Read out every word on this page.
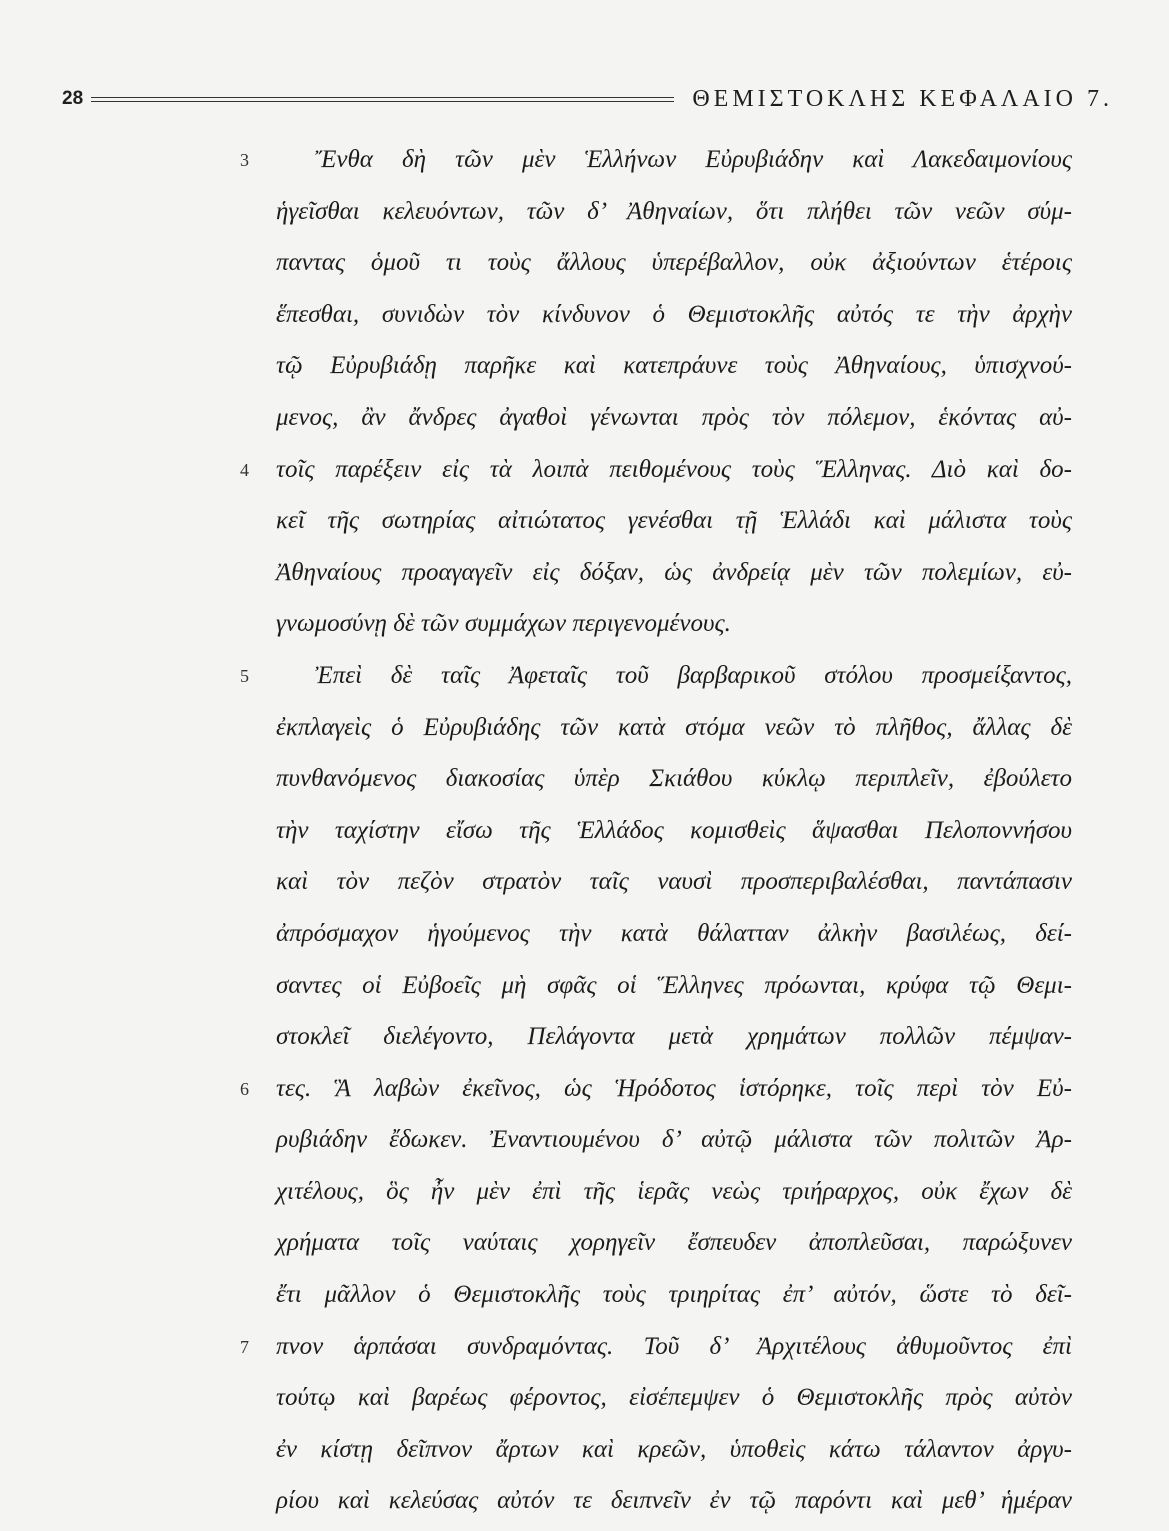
28	ΘΕΜΙΣΤΟΚΛΗΣ ΚΕΦΑΛΑΙΟ 7.
3	Ἔνθα δὴ τῶν μὲν Ἑλλήνων Εὐρυβιάδην καὶ Λακεδαιμονίους
ἡγεῖσθαι κελευόντων, τῶν δ’ Ἀθηναίων, ὅτι πλήθει τῶν νεῶν σύμ-
παντας ὁμοῦ τι τοὺς ἄλλους ὑπερέβαλλον, οὐκ ἀξιούντων ἑτέροις
ἕπεσθαι, συνιδὼν τὸν κίνδυνον ὁ Θεμιστοκλῆς αὐτός τε τὴν ἀρχὴν
τῷ Εὐρυβιάδῃ παρῆκε καὶ κατεπράυνε τοὺς Ἀθηναίους, ὑπισχνού-
μενος, ἂν ἄνδρες ἀγαθοὶ γένωνται πρὸς τὸν πόλεμον, ἑκόντας αὐ-
4 τοῖς παρέξειν εἰς τὰ λοιπὰ πειθομένους τοὺς Ἕλληνας. Διὸ καὶ δο-
κεῖ τῆς σωτηρίας αἰτιώτατος γενέσθαι τῇ Ἑλλάδι καὶ μάλιστα τοὺς
Ἀθηναίους προαγαγεῖν εἰς δόξαν, ὡς ἀνδρείᾳ μὲν τῶν πολεμίων, εὐ-
γνωμοσύνῃ δὲ τῶν συμμάχων περιγενομένους.
5	Ἐπεὶ δὲ ταῖς Ἀφεταῖς τοῦ βαρβαρικοῦ στόλου προσμείξαντος,
ἐκπλαγεὶς ὁ Εὐρυβιάδης τῶν κατὰ στόμα νεῶν τὸ πλῆθος, ἄλλας δὲ
πυνθανόμενος διακοσίας ὑπὲρ Σκιάθου κύκλῳ περιπλεῖν, ἐβούλετο
τὴν ταχίστην εἴσω τῆς Ἑλλάδος κομισθεὶς ἅψασθαι Πελοποννήσου
καὶ τὸν πεζὸν στρατὸν ταῖς ναυσὶ προσπεριβαλέσθαι, παντάπασιν
ἀπρόσμαχον ἡγούμενος τὴν κατὰ θάλατταν ἀλκὴν βασιλέως, δεί-
σαντες οἱ Εὐβοεῖς μὴ σφᾶς οἱ Ἕλληνες πρόωνται, κρύφα τῷ Θεμι-
στοκλεῖ διελέγοντο, Πελάγοντα μετὰ χρημάτων πολλῶν πέμψαν-
6 τες. Ἃ λαβὼν ἐκεῖνος, ὡς Ἡρόδοτος ἱστόρηκε, τοῖς περὶ τὸν Εὐ-
ρυβιάδην ἔδωκεν. Ἐναντιουμένου δ’ αὐτῷ μάλιστα τῶν πολιτῶν Ἀρ-
χιτέλους, ὃς ἦν μὲν ἐπὶ τῆς ἱερᾶς νεὼς τριήραρχος, οὐκ ἔχων δὲ
χρήματα τοῖς ναύταις χορηγεῖν ἔσπευδεν ἀποπλεῦσαι, παρώξυνεν
ἔτι μᾶλλον ὁ Θεμιστοκλῆς τοὺς τριηρίτας ἐπ’ αὐτόν, ὥστε τὸ δεῖ-
7 πνον ἁρπάσαι συνδραμόντας. Τοῦ δ’ Ἀρχιτέλους ἀθυμοῦντος ἐπὶ
τούτῳ καὶ βαρέως φέροντος, εἰσέπεμψεν ὁ Θεμιστοκλῆς πρὸς αὐτὸν
ἐν κίστῃ δεῖπνον ἄρτων καὶ κρεῶν, ὑποθεὶς κάτω τάλαντον ἀργυ-
ρίου καὶ κελεύσας αὐτόν τε δειπνεῖν ἐν τῷ παρόντι καὶ μεθ’ ἡμέραν
